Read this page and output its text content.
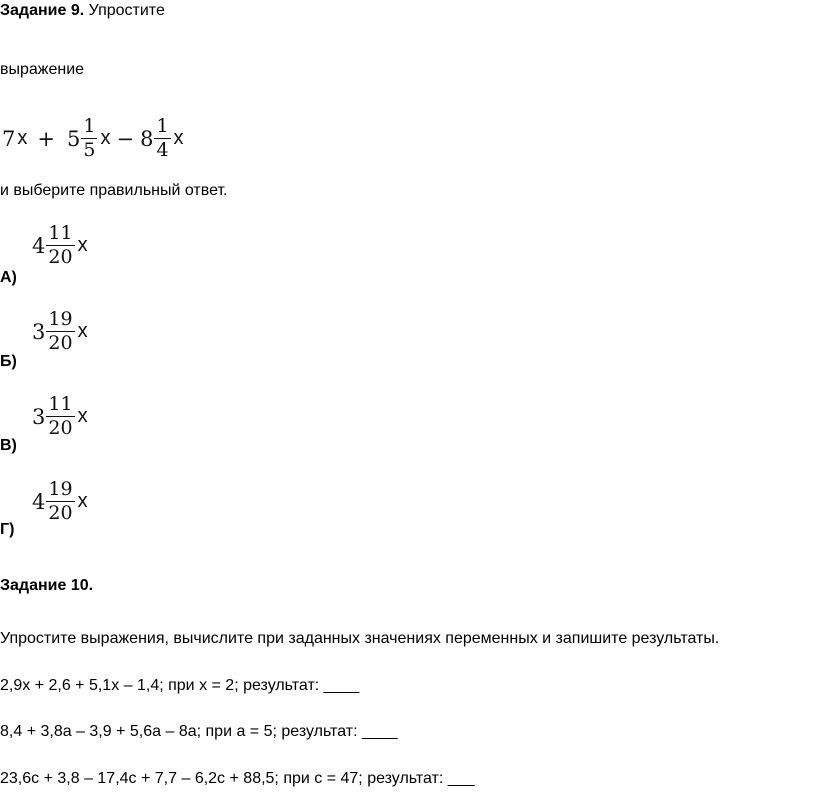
Задание 9. Упростите
выражение
7 $x + 5 \frac{1}{5}$ $x - 8 \frac{1}{4}$ x
и выберите правильный ответ.
$4 \frac{11}{20}$ x
А)
$3 \frac{19}{20}$ x
Б)
$3 \frac{11}{20}$ x
В)
$4 \frac{19}{20}$ x
Г)
Задание 10.
Упростите выражения, вычислите при заданных значениях переменных и запишите результаты.
2,9x + 2,6 + 5,1x – 1,4; при x = 2; результат: ____
8,4 + 3,8a – 3,9 + 5,6a – 8a; при a = 5; результат: ____
23,6c + 3,8 – 17,4c + 7,7 – 6,2c + 88,5; при c = 47; результат: ___
